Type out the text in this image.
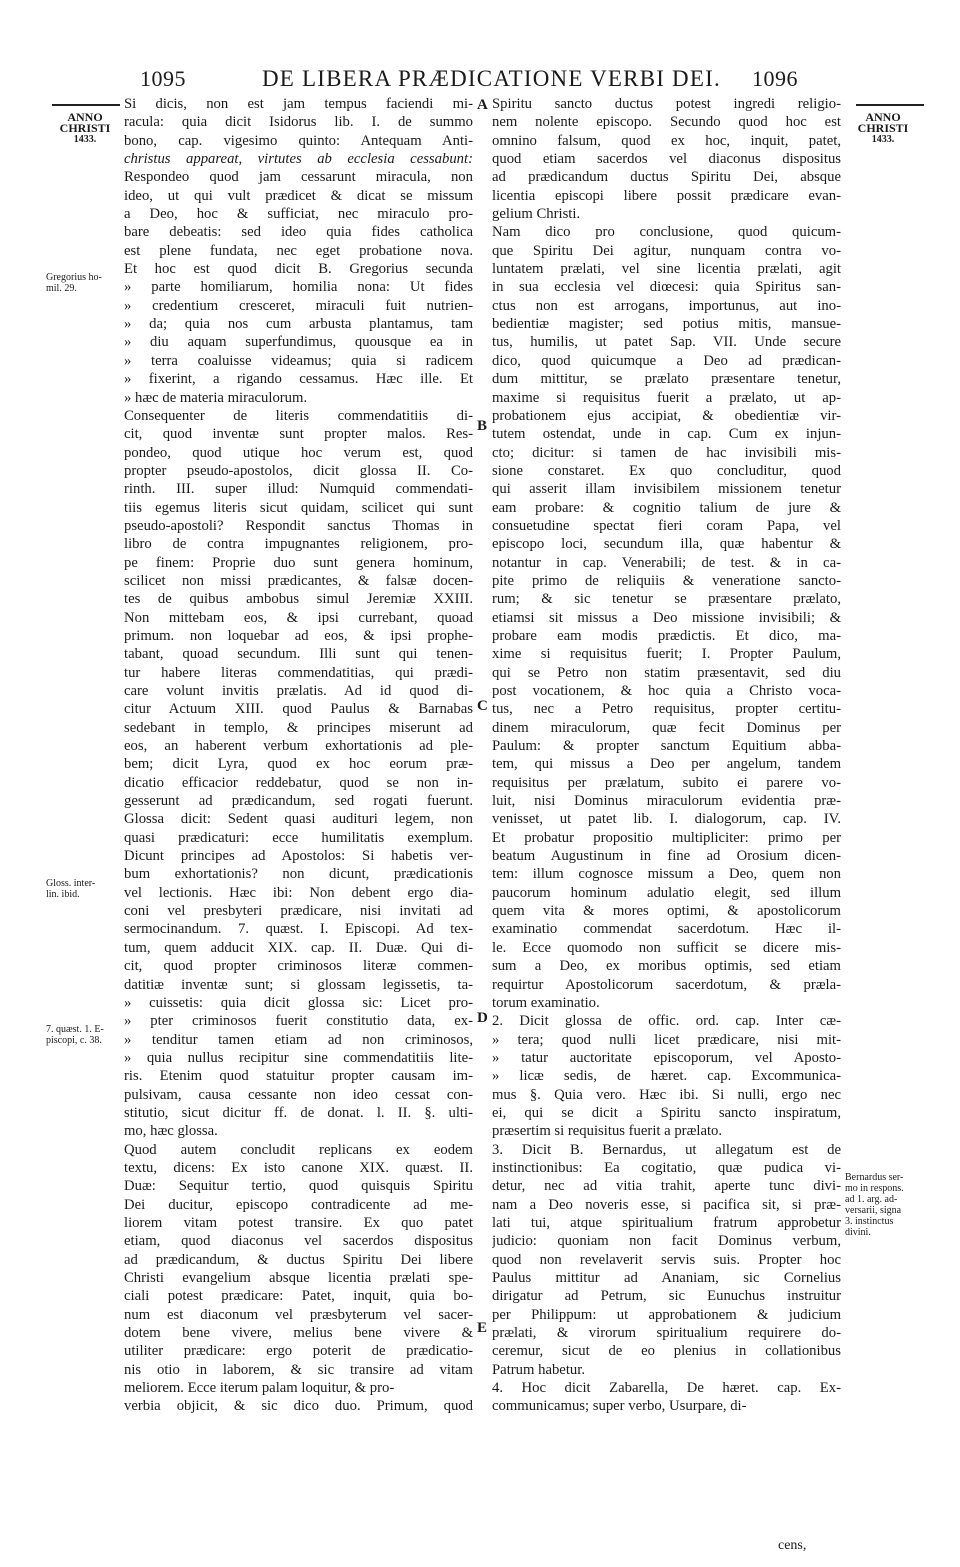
1095	DE LIBERA PRÆDICATIONE VERBI DEI. 1096
ANNO
CHRISTI
1433.
Gregorius ho-
mil. 29.
Gloss. inter-
lin. ibid.
7. quæst. 1. E-
piscopi, c. 38.
ANNO
CHRISTI
1433.
Bernardus ser-
mo in respons.
ad 1. arg. ad-
versarii, signa
3. instinctus
divini.
A
B
C
D
E
Si dicis, non est jam tempus faciendi mi-
racula: quia dicit Isidorus lib. I. de summo
bono, cap. vigesimo quinto: Antequam Anti-
christus appareat, virtutes ab ecclesia cessabunt:
Respondeo quod jam cessarunt miracula, non
ideo, ut qui vult prædicet & dicat se missum
a Deo, hoc & sufficiat, nec miraculo pro-
bare debeatis: sed ideo quia fides catholica
est plene fundata, nec eget probatione nova.
Et hoc est quod dicit B. Gregorius secunda
» parte homiliarum, homilia nona: Ut fides
» credentium cresceret, miraculi fuit nutrien-
» da; quia nos cum arbusta plantamus, tam
» diu aquam superfundimus, quousque ea in
» terra coaluisse videamus; quia si radicem
» fixerint, a rigando cessamus. Hæc ille. Et
» hæc de materia miraculorum.
Consequenter de literis commendatitiis di-
cit, quod inventæ sunt propter malos. Res-
pondeo, quod utique hoc verum est, quod
propter pseudo-apostolos, dicit glossa II. Co-
rinth. III. super illud: Numquid commendati-
tiis egemus literis sicut quidam, scilicet qui sunt
pseudo-apostoli? Respondit sanctus Thomas in
libro de contra impugnantes religionem, pro-
pe finem: Proprie duo sunt genera hominum,
scilicet non missi prædicantes, & falsæ docen-
tes de quibus ambobus simul Jeremiæ XXIII.
Non mittebam eos, & ipsi currebant, quoad
primum. non loquebar ad eos, & ipsi prophe-
tabant, quoad secundum. Illi sunt qui tenen-
tur habere literas commendatitias, qui prædi-
care volunt invitis prælatis. Ad id quod di-
citur Actuum XIII. quod Paulus & Barnabas
sedebant in templo, & principes miserunt ad
eos, an haberent verbum exhortationis ad ple-
bem; dicit Lyra, quod ex hoc eorum præ-
dicatio efficacior reddebatur, quod se non in-
gesserunt ad prædicandum, sed rogati fuerunt.
Glossa dicit: Sedent quasi audituri legem, non
quasi prædicaturi: ecce humilitatis exemplum.
Dicunt principes ad Apostolos: Si habetis ver-
bum exhortationis? non dicunt, prædicationis
vel lectionis. Hæc ibi: Non debent ergo dia-
coni vel presbyteri prædicare, nisi invitati ad
sermocinandum. 7. quæst. I. Episcopi. Ad tex-
tum, quem adducit XIX. cap. II. Duæ. Qui di-
cit, quod propter criminosos literæ commen-
datitiæ inventæ sunt; si glossam legissetis, ta-
» cuissetis: quia dicit glossa sic: Licet pro-
» pter criminosos fuerit constitutio data, ex-
» tenditur tamen etiam ad non criminosos,
» quia nullus recipitur sine commendatitiis lite-
ris. Etenim quod statuitur propter causam im-
pulsivam, causa cessante non ideo cessat con-
stitutio, sicut dicitur ff. de donat. l. II. §. ulti-
mo, hæc glossa.
Quod autem concludit replicans ex eodem
textu, dicens: Ex isto canone XIX. quæst. II.
Duæ: Sequitur tertio, quod quisquis Spiritu
Dei ducitur, episcopo contradicente ad me-
liorem vitam potest transire. Ex quo patet
etiam, quod diaconus vel sacerdos dispositus
ad prædicandum, & ductus Spiritu Dei libere
Christi evangelium absque licentia prælati spe-
ciali potest prædicare: Patet, inquit, quia bo-
num est diaconum vel præsbyterum vel sacer-
dotem bene vivere, melius bene vivere &
utiliter prædicare: ergo poterit de prædicatio-
nis otio in laborem, & sic transire ad vitam
meliorem. Ecce iterum palam loquitur, & pro-
verbia objicit, & sic dico duo. Primum, quod
Spiritu sancto ductus potest ingredi religio-
nem nolente episcopo. Secundo quod hoc est
omnino falsum, quod ex hoc, inquit, patet,
quod etiam sacerdos vel diaconus dispositus
ad prædicandum ductus Spiritu Dei, absque
licentia episcopi libere possit prædicare evan-
gelium Christi.
Nam dico pro conclusione, quod quicum-
que Spiritu Dei agitur, nunquam contra vo-
luntatem prælati, vel sine licentia prælati, agit
in sua ecclesia vel diœcesi: quia Spiritus san-
ctus non est arrogans, importunus, aut ino-
bedientiæ magister; sed potius mitis, mansue-
tus, humilis, ut patet Sap. VII. Unde secure
dico, quod quicumque a Deo ad prædican-
dum mittitur, se prælato præsentare tenetur,
maxime si requisitus fuerit a prælato, ut ap-
probationem ejus accipiat, & obedientiæ vir-
tutem ostendat, unde in cap. Cum ex injun-
cto; dicitur: si tamen de hac invisibili mis-
sione constaret. Ex quo concluditur, quod
qui asserit illam invisibilem missionem tenetur
eam probare: & cognitio talium de jure &
consuetudine spectat fieri coram Papa, vel
episcopo loci, secundum illa, quæ habentur &
notantur in cap. Venerabili; de test. & in ca-
pite primo de reliquiis & veneratione sancto-
rum; & sic tenetur se præsentare prælato,
etiamsi sit missus a Deo missione invisibili; &
probare eam modis prædictis. Et dico, ma-
xime si requisitus fuerit; I. Propter Paulum,
qui se Petro non statim præsentavit, sed diu
post vocationem, & hoc quia a Christo voca-
tus, nec a Petro requisitus, propter certitu-
dinem miraculorum, quæ fecit Dominus per
Paulum: & propter sanctum Equitium abba-
tem, qui missus a Deo per angelum, tandem
requisitus per prælatum, subito ei parere vo-
luit, nisi Dominus miraculorum evidentia præ-
venisset, ut patet lib. I. dialogorum, cap. IV.
Et probatur propositio multipliciter: primo per
beatum Augustinum in fine ad Orosium dicen-
tem: illum cognosce missum a Deo, quem non
paucorum hominum adulatio elegit, sed illum
quem vita & mores optimi, & apostolicorum
examinatio commendat sacerdotum. Hæc il-
le. Ecce quomodo non sufficit se dicere mis-
sum a Deo, ex moribus optimis, sed etiam
requirtur Apostolicorum sacerdotum, & præla-
torum examinatio.
2. Dicit glossa de offic. ord. cap. Inter cæ-
» tera; quod nulli licet prædicare, nisi mit-
» tatur auctoritate episcoporum, vel Aposto-
» licæ sedis, de hæret. cap. Excommunica-
mus §. Quia vero. Hæc ibi. Si nulli, ergo nec
ei, qui se dicit a Spiritu sancto inspiratum,
præsertim si requisitus fuerit a prælato.
3. Dicit B. Bernardus, ut allegatum est de
instinctionibus: Ea cogitatio, quæ pudica vi-
detur, nec ad vitia trahit, aperte tunc divi-
nam a Deo noveris esse, si pacifica sit, si præ-
lati tui, atque spiritualium fratrum approbetur
judicio: quoniam non facit Dominus verbum,
quod non revelaverit servis suis. Propter hoc
Paulus mittitur ad Ananiam, sic Cornelius
dirigatur ad Petrum, sic Eunuchus instruitur
per Philippum: ut approbationem & judicium
prælati, & virorum spiritualium requirere do-
ceremur, sicut de eo plenius in collationibus
Patrum habetur.
4. Hoc dicit Zabarella, De hæret. cap. Ex-
communicamus; super verbo, Usurpare, di-
cens,
